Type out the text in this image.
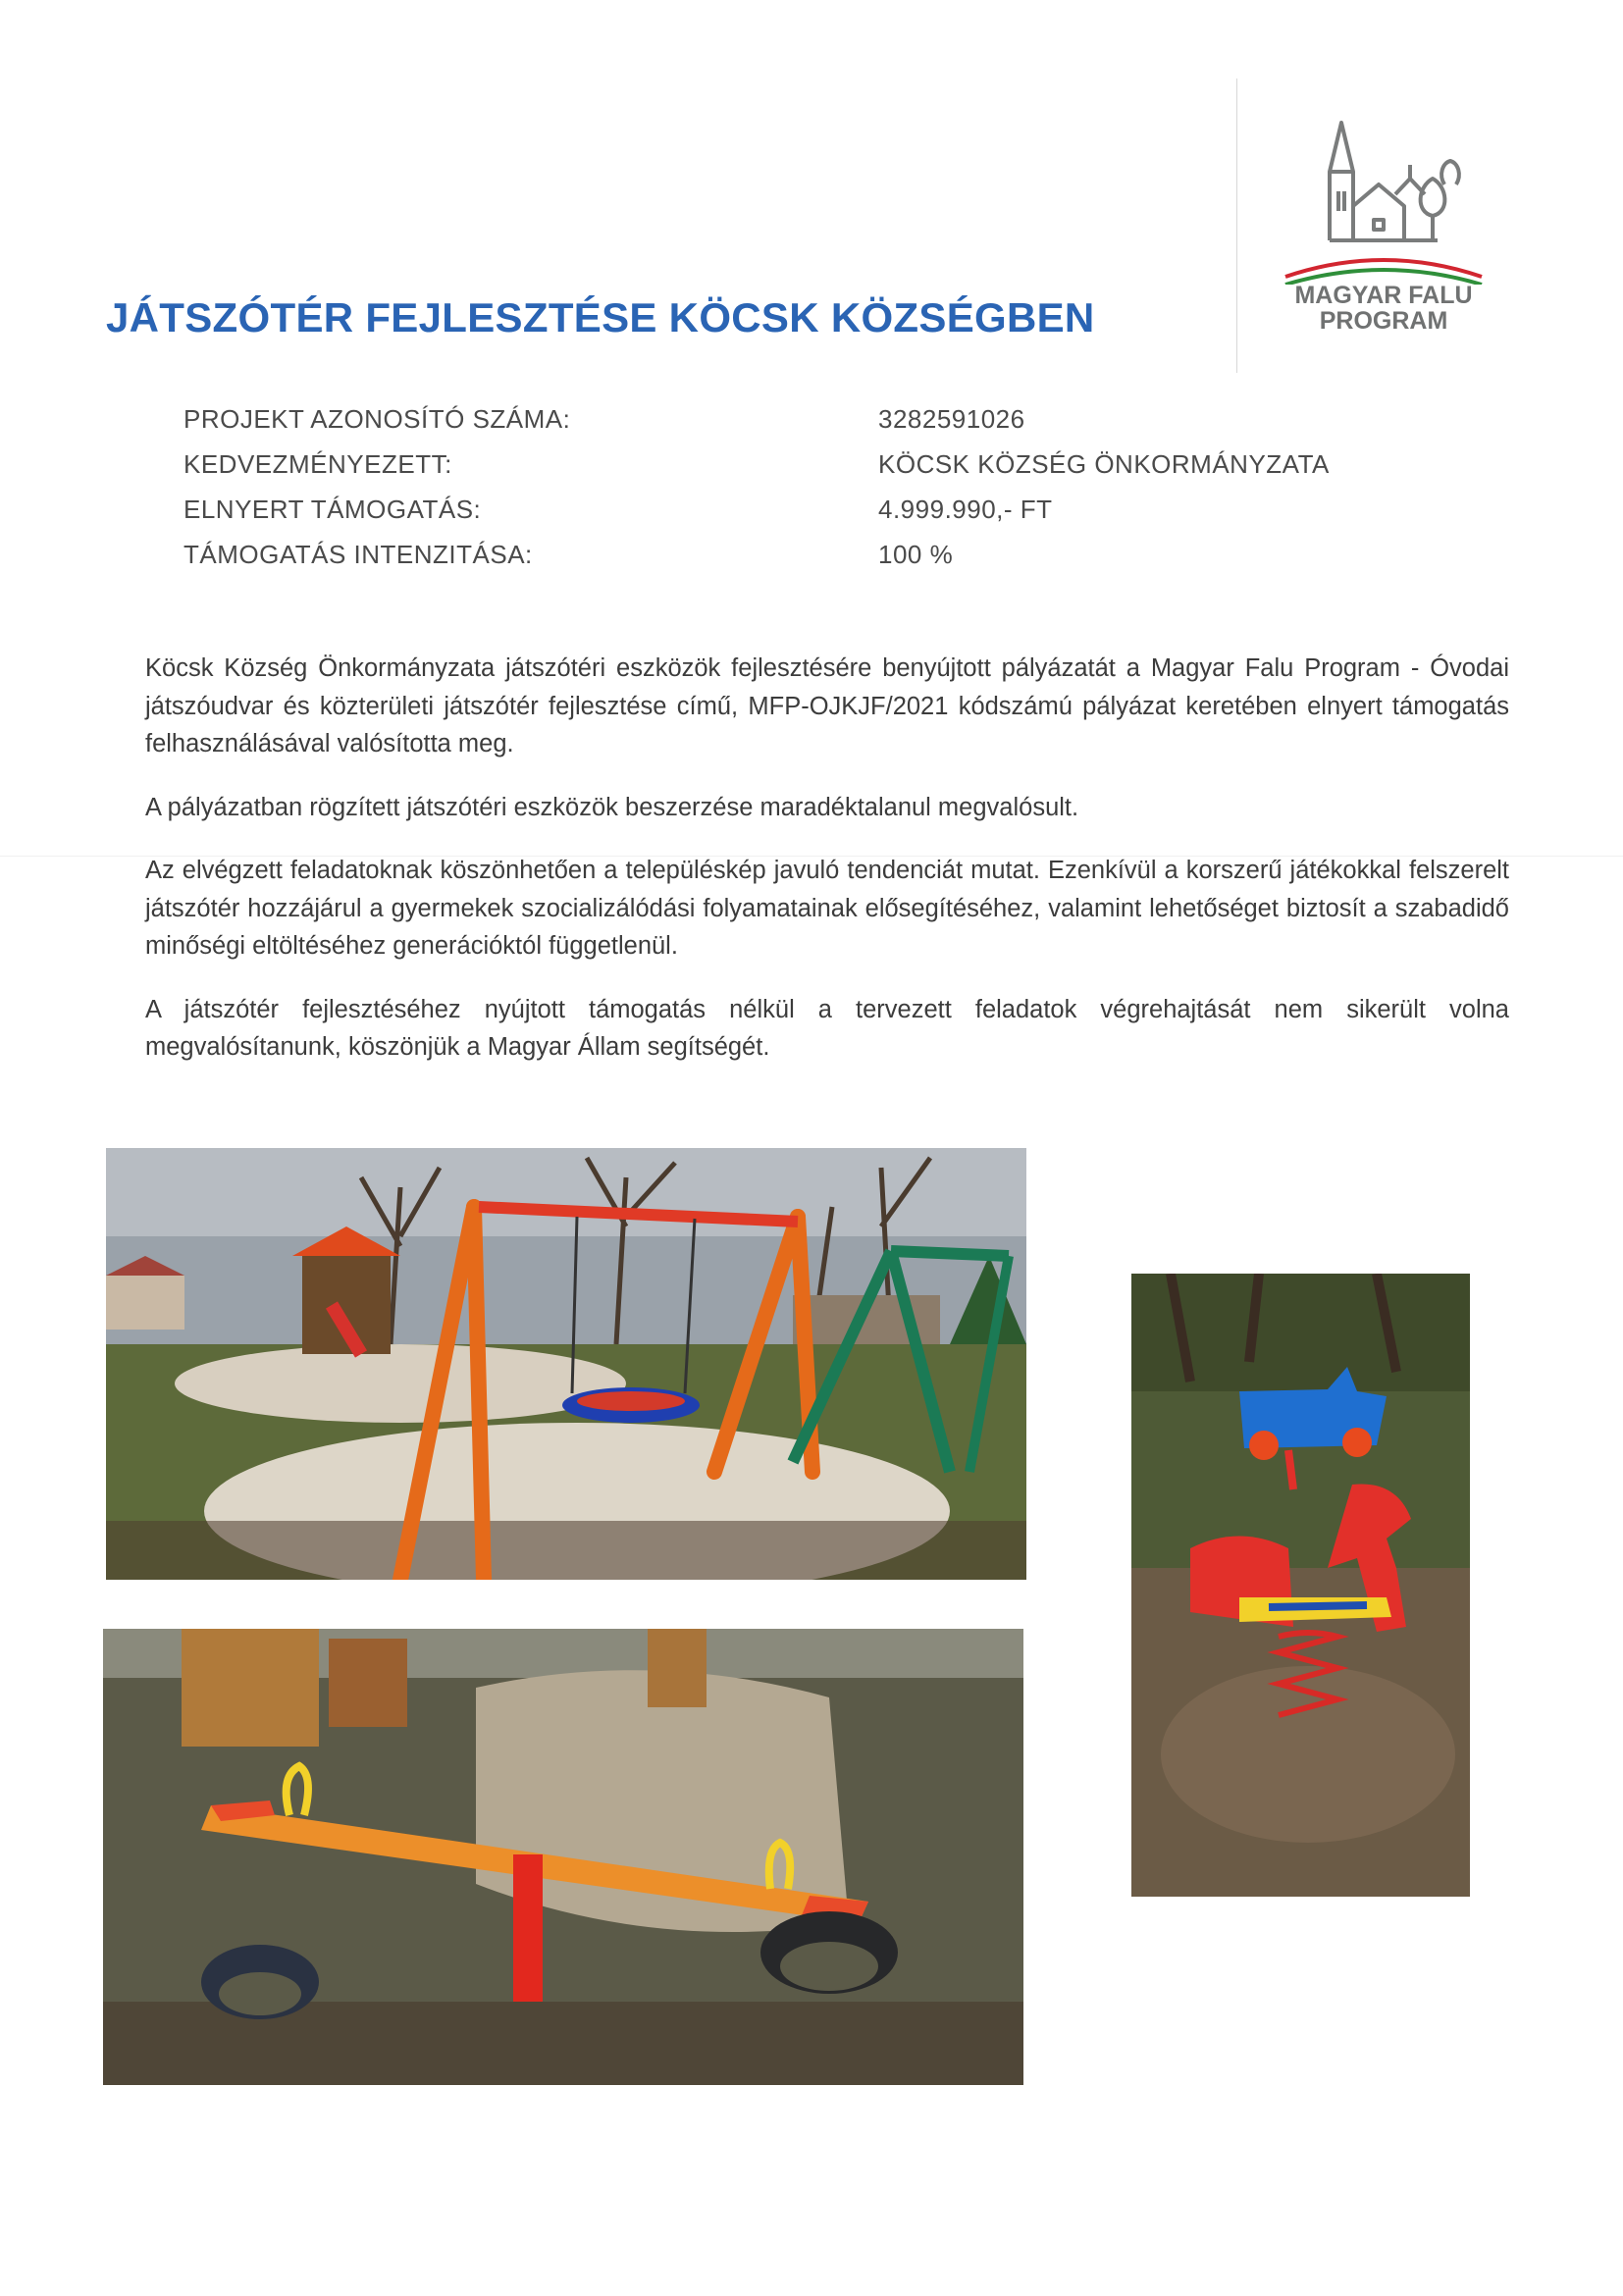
JÁTSZÓTÉR FEJLESZTÉSE KÖCSK KÖZSÉGBEN	MAGYAR FALU
PROGRAM
PROJEKT AZONOSÍTÓ SZÁMA:	3282591026
KEDVEZMÉNYEZETT:	KÖCSK KÖZSÉG ÖNKORMÁNYZATA
ELNYERT TÁMOGATÁS:	4.999.990,- FT
TÁMOGATÁS INTENZITÁSA:	100 %

Köcsk Község Önkormányzata játszótéri eszközök fejlesztésére benyújtott pályázatát a Magyar Falu Program - Óvodai játszóudvar és közterületi játszótér fejlesztése című, MFP-OJKJF/2021 kódszámú pályázat keretében elnyert támogatás felhasználásával valósította meg.

A pályázatban rögzített játszótéri eszközök beszerzése maradéktalanul megvalósult.

Az elvégzett feladatoknak köszönhetően a településkép javuló tendenciát mutat. Ezenkívül a korszerű játékokkal felszerelt játszótér hozzájárul a gyermekek szocializálódási folyamatainak elősegítéséhez, valamint lehetőséget biztosít a szabadidő minőségi eltöltéséhez generációktól függetlenül.

A játszótér fejlesztéséhez nyújtott támogatás nélkül a tervezett feladatok végrehajtását nem sikerült volna megvalósítanunk, köszönjük a Magyar Állam segítségét.
